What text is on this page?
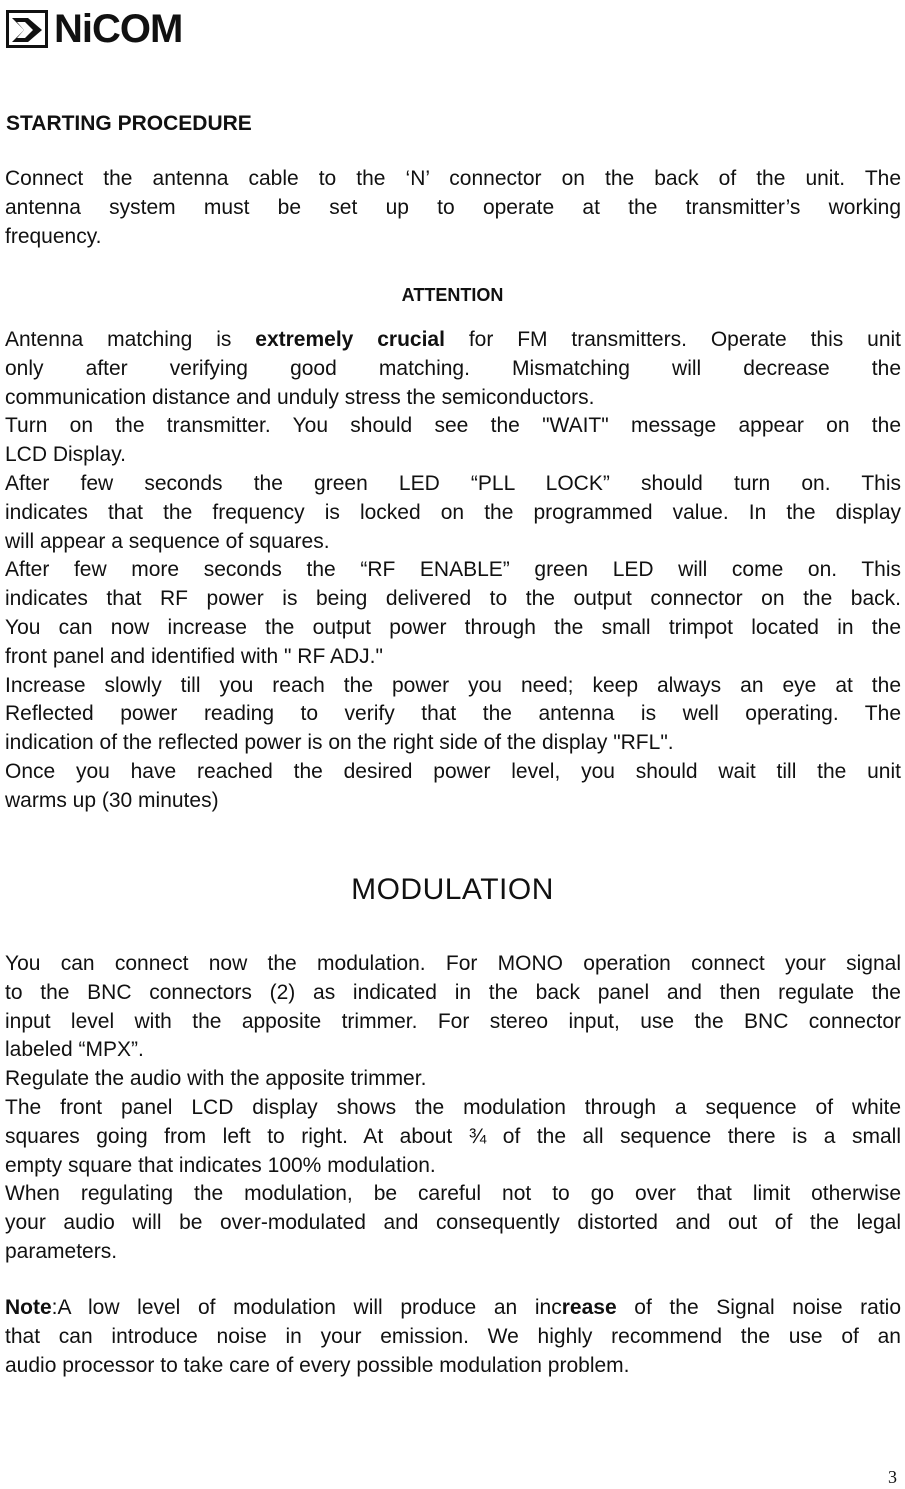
NiCOM
STARTING PROCEDURE
Connect the antenna cable to the ‘N’ connector on the back of the unit. The
antenna system must be set up to operate at the transmitter’s working
frequency.
ATTENTION
Antenna matching is extremely crucial for FM transmitters. Operate this unit
only after verifying good matching. Mismatching will decrease the
communication distance and unduly stress the semiconductors.
Turn on the transmitter. You should see the "WAIT" message appear on the
LCD Display.
After few seconds the green LED “PLL LOCK” should turn on. This
indicates that the frequency is locked on the programmed value. In the display
will appear a sequence of squares.
After few more seconds the “RF ENABLE” green LED will come on. This
indicates that RF power is being delivered to the output connector on the back.
You can now increase the output power through the small trimpot located in the
front panel and identified with " RF ADJ."
Increase slowly till you reach the power you need; keep always an eye at the
Reflected power reading to verify that the antenna is well operating. The
indication of the reflected power is on the right side of the display "RFL".
Once you have reached the desired power level, you should wait till the unit
warms up (30 minutes)
MODULATION
You can connect now the modulation. For MONO operation connect your signal
to the BNC connectors (2) as indicated in the back panel and then regulate the
input level with the apposite trimmer. For stereo input, use the BNC connector
labeled “MPX”.
Regulate the audio with the apposite trimmer.
The front panel LCD display shows the modulation through a sequence of white
squares going from left to right. At about ¾ of the all sequence there is a small
empty square that indicates 100% modulation.
When regulating the modulation, be careful not to go over that limit otherwise
your audio will be over-modulated and consequently distorted and out of the legal
parameters.
Note:A low level of modulation will produce an increase of the Signal noise ratio
that can introduce noise in your emission. We highly recommend the use of an
audio processor to take care of every possible modulation problem.
3
